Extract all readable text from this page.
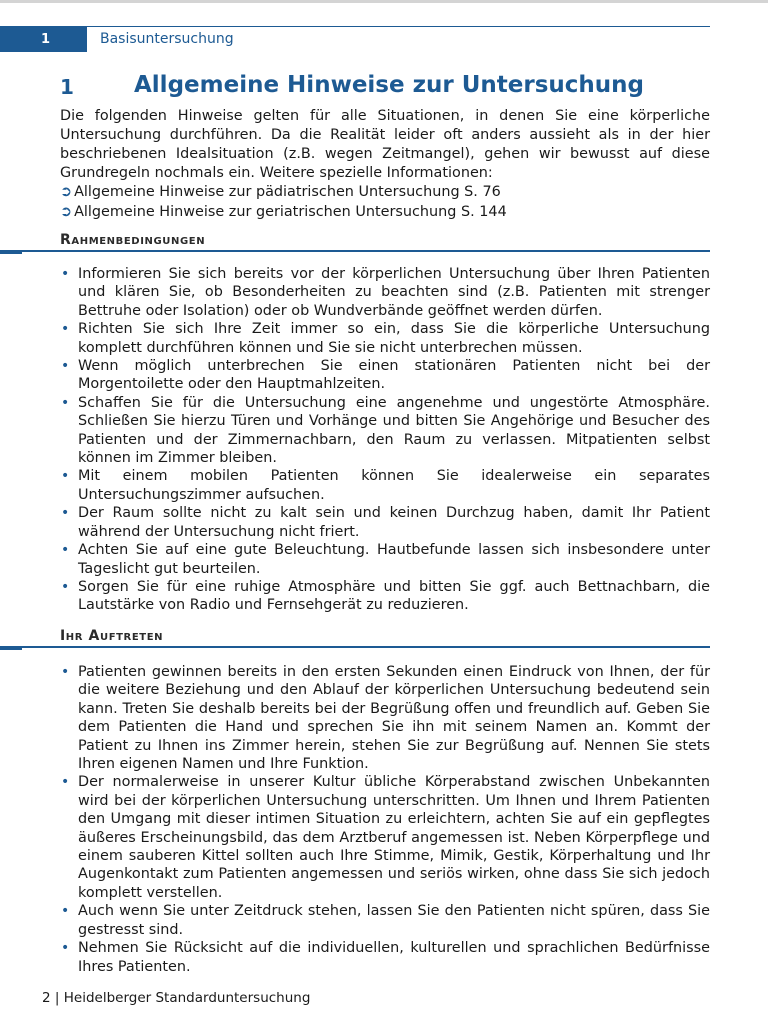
1	Basisuntersuchung
1	Allgemeine Hinweise zur Untersuchung
Die folgenden Hinweise gelten für alle Situationen, in denen Sie eine körperliche Untersuchung durchführen. Da die Realität leider oft anders aussieht als in der hier beschriebenen Idealsituation (z.B. wegen Zeitmangel), gehen wir bewusst auf diese Grundregeln nochmals ein. Weitere spezielle Informationen:
➲ Allgemeine Hinweise zur pädiatrischen Untersuchung S. 76
➲ Allgemeine Hinweise zur geriatrischen Untersuchung S. 144
Rahmenbedingungen
• Informieren Sie sich bereits vor der körperlichen Untersuchung über Ihren Patienten und klären Sie, ob Besonderheiten zu beachten sind (z.B. Patienten mit strenger Bettruhe oder Isolation) oder ob Wundverbände geöffnet werden dürfen.
• Richten Sie sich Ihre Zeit immer so ein, dass Sie die körperliche Untersuchung komplett durchführen können und Sie sie nicht unterbrechen müssen.
• Wenn möglich unterbrechen Sie einen stationären Patienten nicht bei der Morgentoilette oder den Hauptmahlzeiten.
• Schaffen Sie für die Untersuchung eine angenehme und ungestörte Atmosphäre. Schließen Sie hierzu Türen und Vorhänge und bitten Sie Angehörige und Besucher des Patienten und der Zimmernachbarn, den Raum zu verlassen. Mitpatienten selbst können im Zimmer bleiben.
• Mit einem mobilen Patienten können Sie idealerweise ein separates Untersuchungszimmer aufsuchen.
• Der Raum sollte nicht zu kalt sein und keinen Durchzug haben, damit Ihr Patient während der Untersuchung nicht friert.
• Achten Sie auf eine gute Beleuchtung. Hautbefunde lassen sich insbesondere unter Tageslicht gut beurteilen.
• Sorgen Sie für eine ruhige Atmosphäre und bitten Sie ggf. auch Bettnachbarn, die Lautstärke von Radio und Fernsehgerät zu reduzieren.
Ihr Auftreten
• Patienten gewinnen bereits in den ersten Sekunden einen Eindruck von Ihnen, der für die weitere Beziehung und den Ablauf der körperlichen Untersuchung bedeutend sein kann. Treten Sie deshalb bereits bei der Begrüßung offen und freundlich auf. Geben Sie dem Patienten die Hand und sprechen Sie ihn mit seinem Namen an. Kommt der Patient zu Ihnen ins Zimmer herein, stehen Sie zur Begrüßung auf. Nennen Sie stets Ihren eigenen Namen und Ihre Funktion.
• Der normalerweise in unserer Kultur übliche Körperabstand zwischen Unbekannten wird bei der körperlichen Untersuchung unterschritten. Um Ihnen und Ihrem Patienten den Umgang mit dieser intimen Situation zu erleichtern, achten Sie auf ein gepflegtes äußeres Erscheinungsbild, das dem Arztberuf angemessen ist. Neben Körperpflege und einem sauberen Kittel sollten auch Ihre Stimme, Mimik, Gestik, Körperhaltung und Ihr Augenkontakt zum Patienten angemessen und seriös wirken, ohne dass Sie sich jedoch komplett verstellen.
• Auch wenn Sie unter Zeitdruck stehen, lassen Sie den Patienten nicht spüren, dass Sie gestresst sind.
• Nehmen Sie Rücksicht auf die individuellen, kulturellen und sprachlichen Bedürfnisse Ihres Patienten.
2 | Heidelberger Standarduntersuchung
